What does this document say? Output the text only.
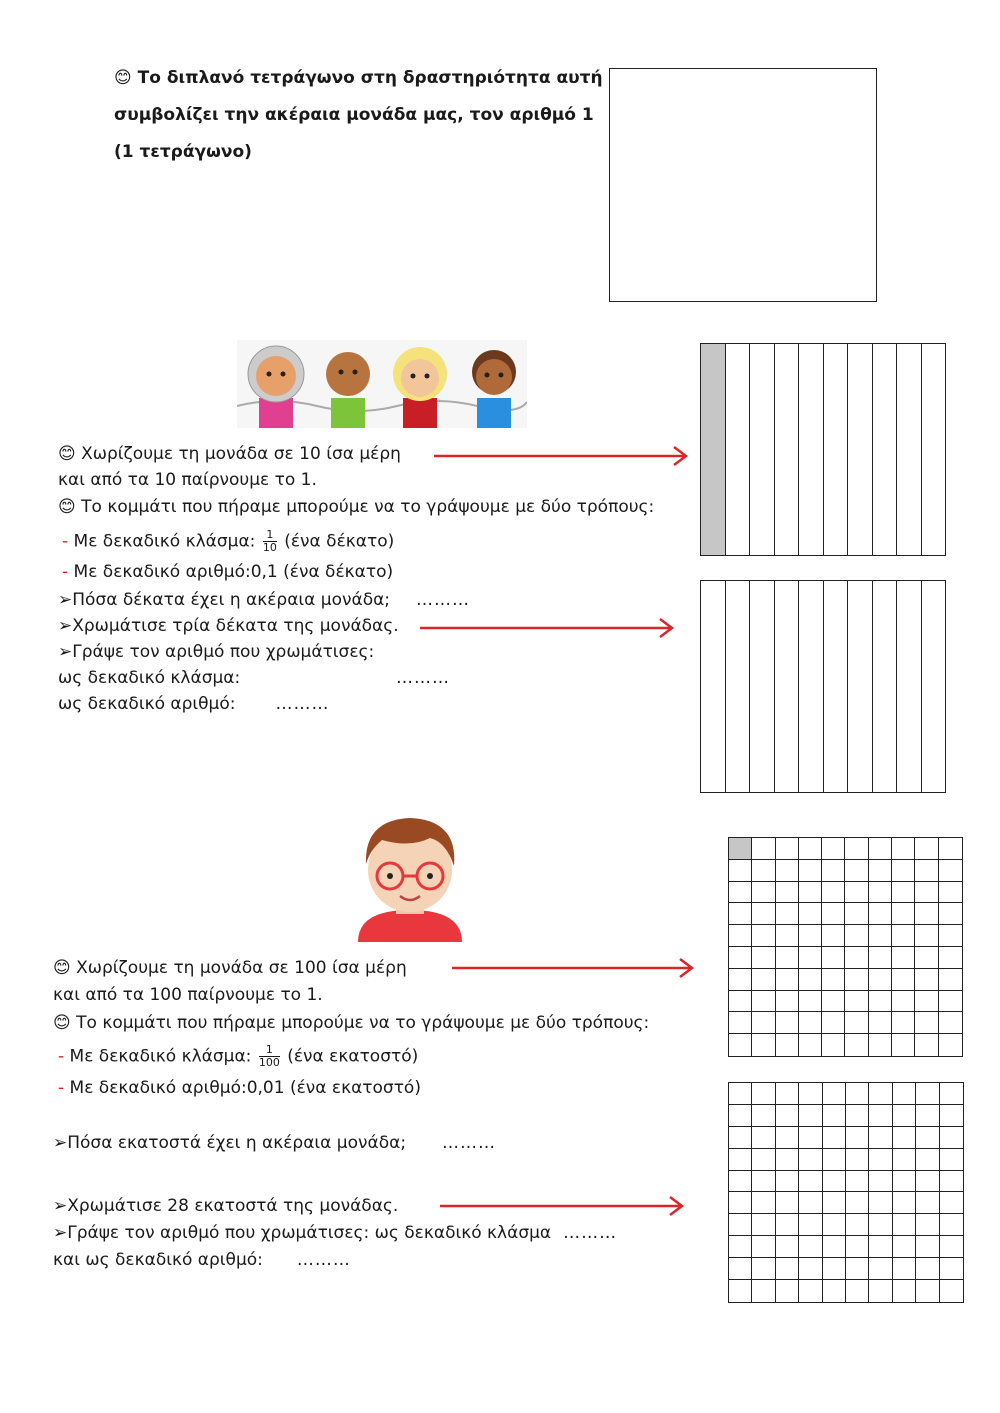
😊 Το διπλανό τετράγωνο στη δραστηριότητα αυτή
συμβολίζει την ακέραια μονάδα μας, τον αριθμό 1
(1 τετράγωνο)
😊 Χωρίζουμε τη μονάδα σε 10 ίσα μέρη
και από τα 10 παίρνουμε το 1.
😊 Το κομμάτι που πήραμε μπορούμε να το γράψουμε με δύο τρόπους:
- Με δεκαδικό κλάσμα: $\frac{1}{10} (έ\nu\alpha$ δέκατο)
- Με δεκαδικό αριθμό:0,1 (ένα δέκατο)
➢Πόσα δέκατα έχει η ακέραια μονάδα; ………
➢Χρωμάτισε τρία δέκατα της μονάδας.
➢Γράψε τον αριθμό που χρωμάτισες:
ως δεκαδικό κλάσμα:	………
ως δεκαδικό αριθμό: ………
😊 Χωρίζουμε τη μονάδα σε 100 ίσα μέρη
και από τα 100 παίρνουμε το 1.
😊 Το κομμάτι που πήραμε μπορούμε να το γράψουμε με δύο τρόπους:
- Με δεκαδικό κλάσμα: $\frac{1}{100} (έ\nu\alpha$ εκατοστό)
- Με δεκαδικό αριθμό:0,01 (ένα εκατοστό)
➢Πόσα εκατοστά έχει η ακέραια μονάδα; ………
➢Χρωμάτισε 28 εκατοστά της μονάδας.
➢Γράψε τον αριθμό που χρωμάτισες: ως δεκαδικό κλάσμα ………
και ως δεκαδικό αριθμό: ………
